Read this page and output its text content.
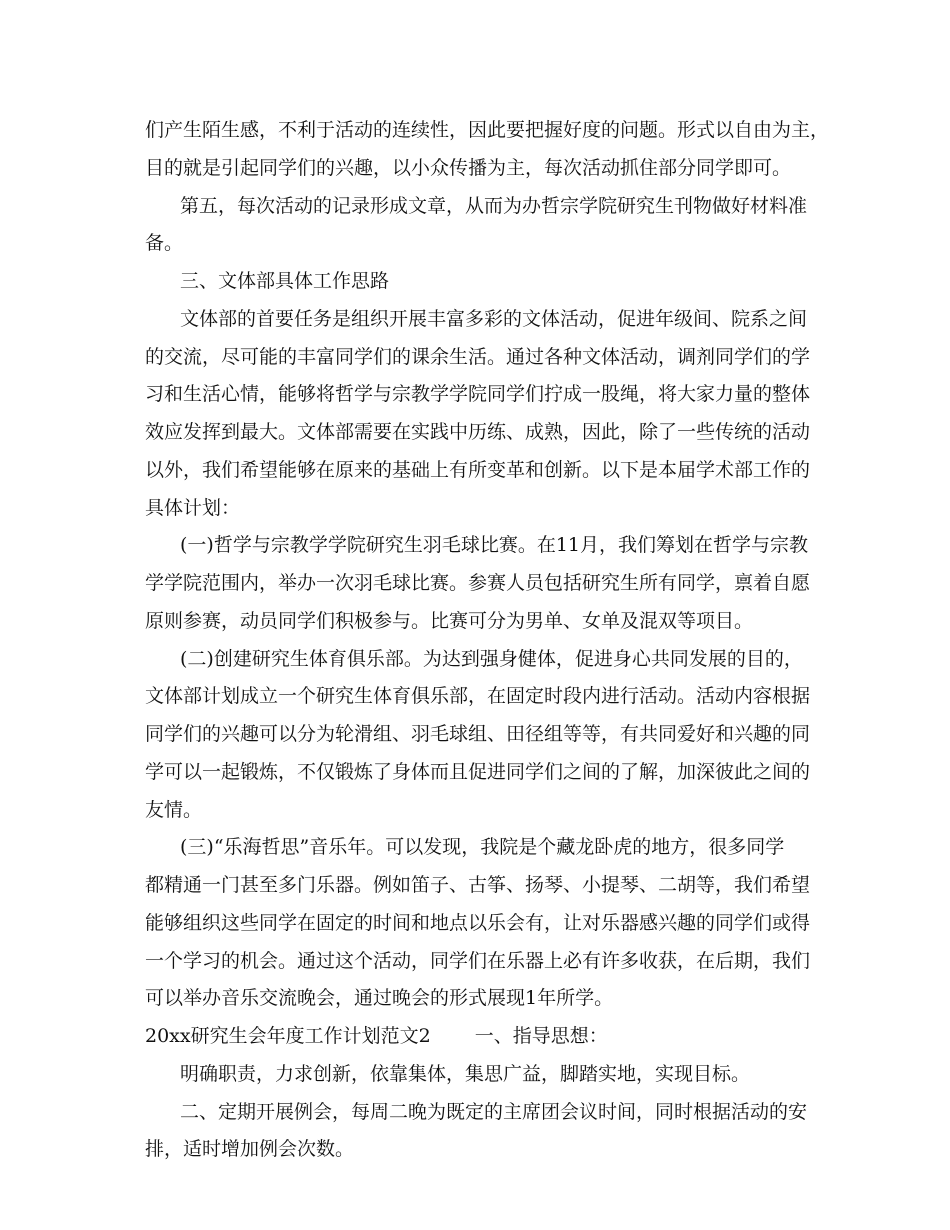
们产生陌生感，不利于活动的连续性，因此要把握好度的问题。形式以自由为主，
目的就是引起同学们的兴趣，以小众传播为主，每次活动抓住部分同学即可。
第五，每次活动的记录形成文章，从而为办哲宗学院研究生刊物做好材料准
备。
三、文体部具体工作思路
文体部的首要任务是组织开展丰富多彩的文体活动，促进年级间、院系之间
的交流，尽可能的丰富同学们的课余生活。通过各种文体活动，调剂同学们的学
习和生活心情，能够将哲学与宗教学学院同学们拧成一股绳，将大家力量的整体
效应发挥到最大。文体部需要在实践中历练、成熟，因此，除了一些传统的活动
以外，我们希望能够在原来的基础上有所变革和创新。以下是本届学术部工作的
具体计划：
(一)哲学与宗教学学院研究生羽毛球比赛。在11月，我们筹划在哲学与宗教
学学院范围内，举办一次羽毛球比赛。参赛人员包括研究生所有同学，禀着自愿
原则参赛，动员同学们积极参与。比赛可分为男单、女单及混双等项目。
(二)创建研究生体育俱乐部。为达到强身健体，促进身心共同发展的目的，
文体部计划成立一个研究生体育俱乐部，在固定时段内进行活动。活动内容根据
同学们的兴趣可以分为轮滑组、羽毛球组、田径组等等，有共同爱好和兴趣的同
学可以一起锻炼，不仅锻炼了身体而且促进同学们之间的了解，加深彼此之间的
友情。
(三)“乐海哲思”音乐年。可以发现，我院是个藏龙卧虎的地方，很多同学
都精通一门甚至多门乐器。例如笛子、古筝、扬琴、小提琴、二胡等，我们希望
能够组织这些同学在固定的时间和地点以乐会有，让对乐器感兴趣的同学们或得
一个学习的机会。通过这个活动，同学们在乐器上必有许多收获，在后期，我们
可以举办音乐交流晚会，通过晚会的形式展现1年所学。
20xx研究生会年度工作计划范文2 一、指导思想：
明确职责，力求创新，依靠集体，集思广益，脚踏实地，实现目标。
二、定期开展例会，每周二晚为既定的主席团会议时间，同时根据活动的安
排，适时增加例会次数。
